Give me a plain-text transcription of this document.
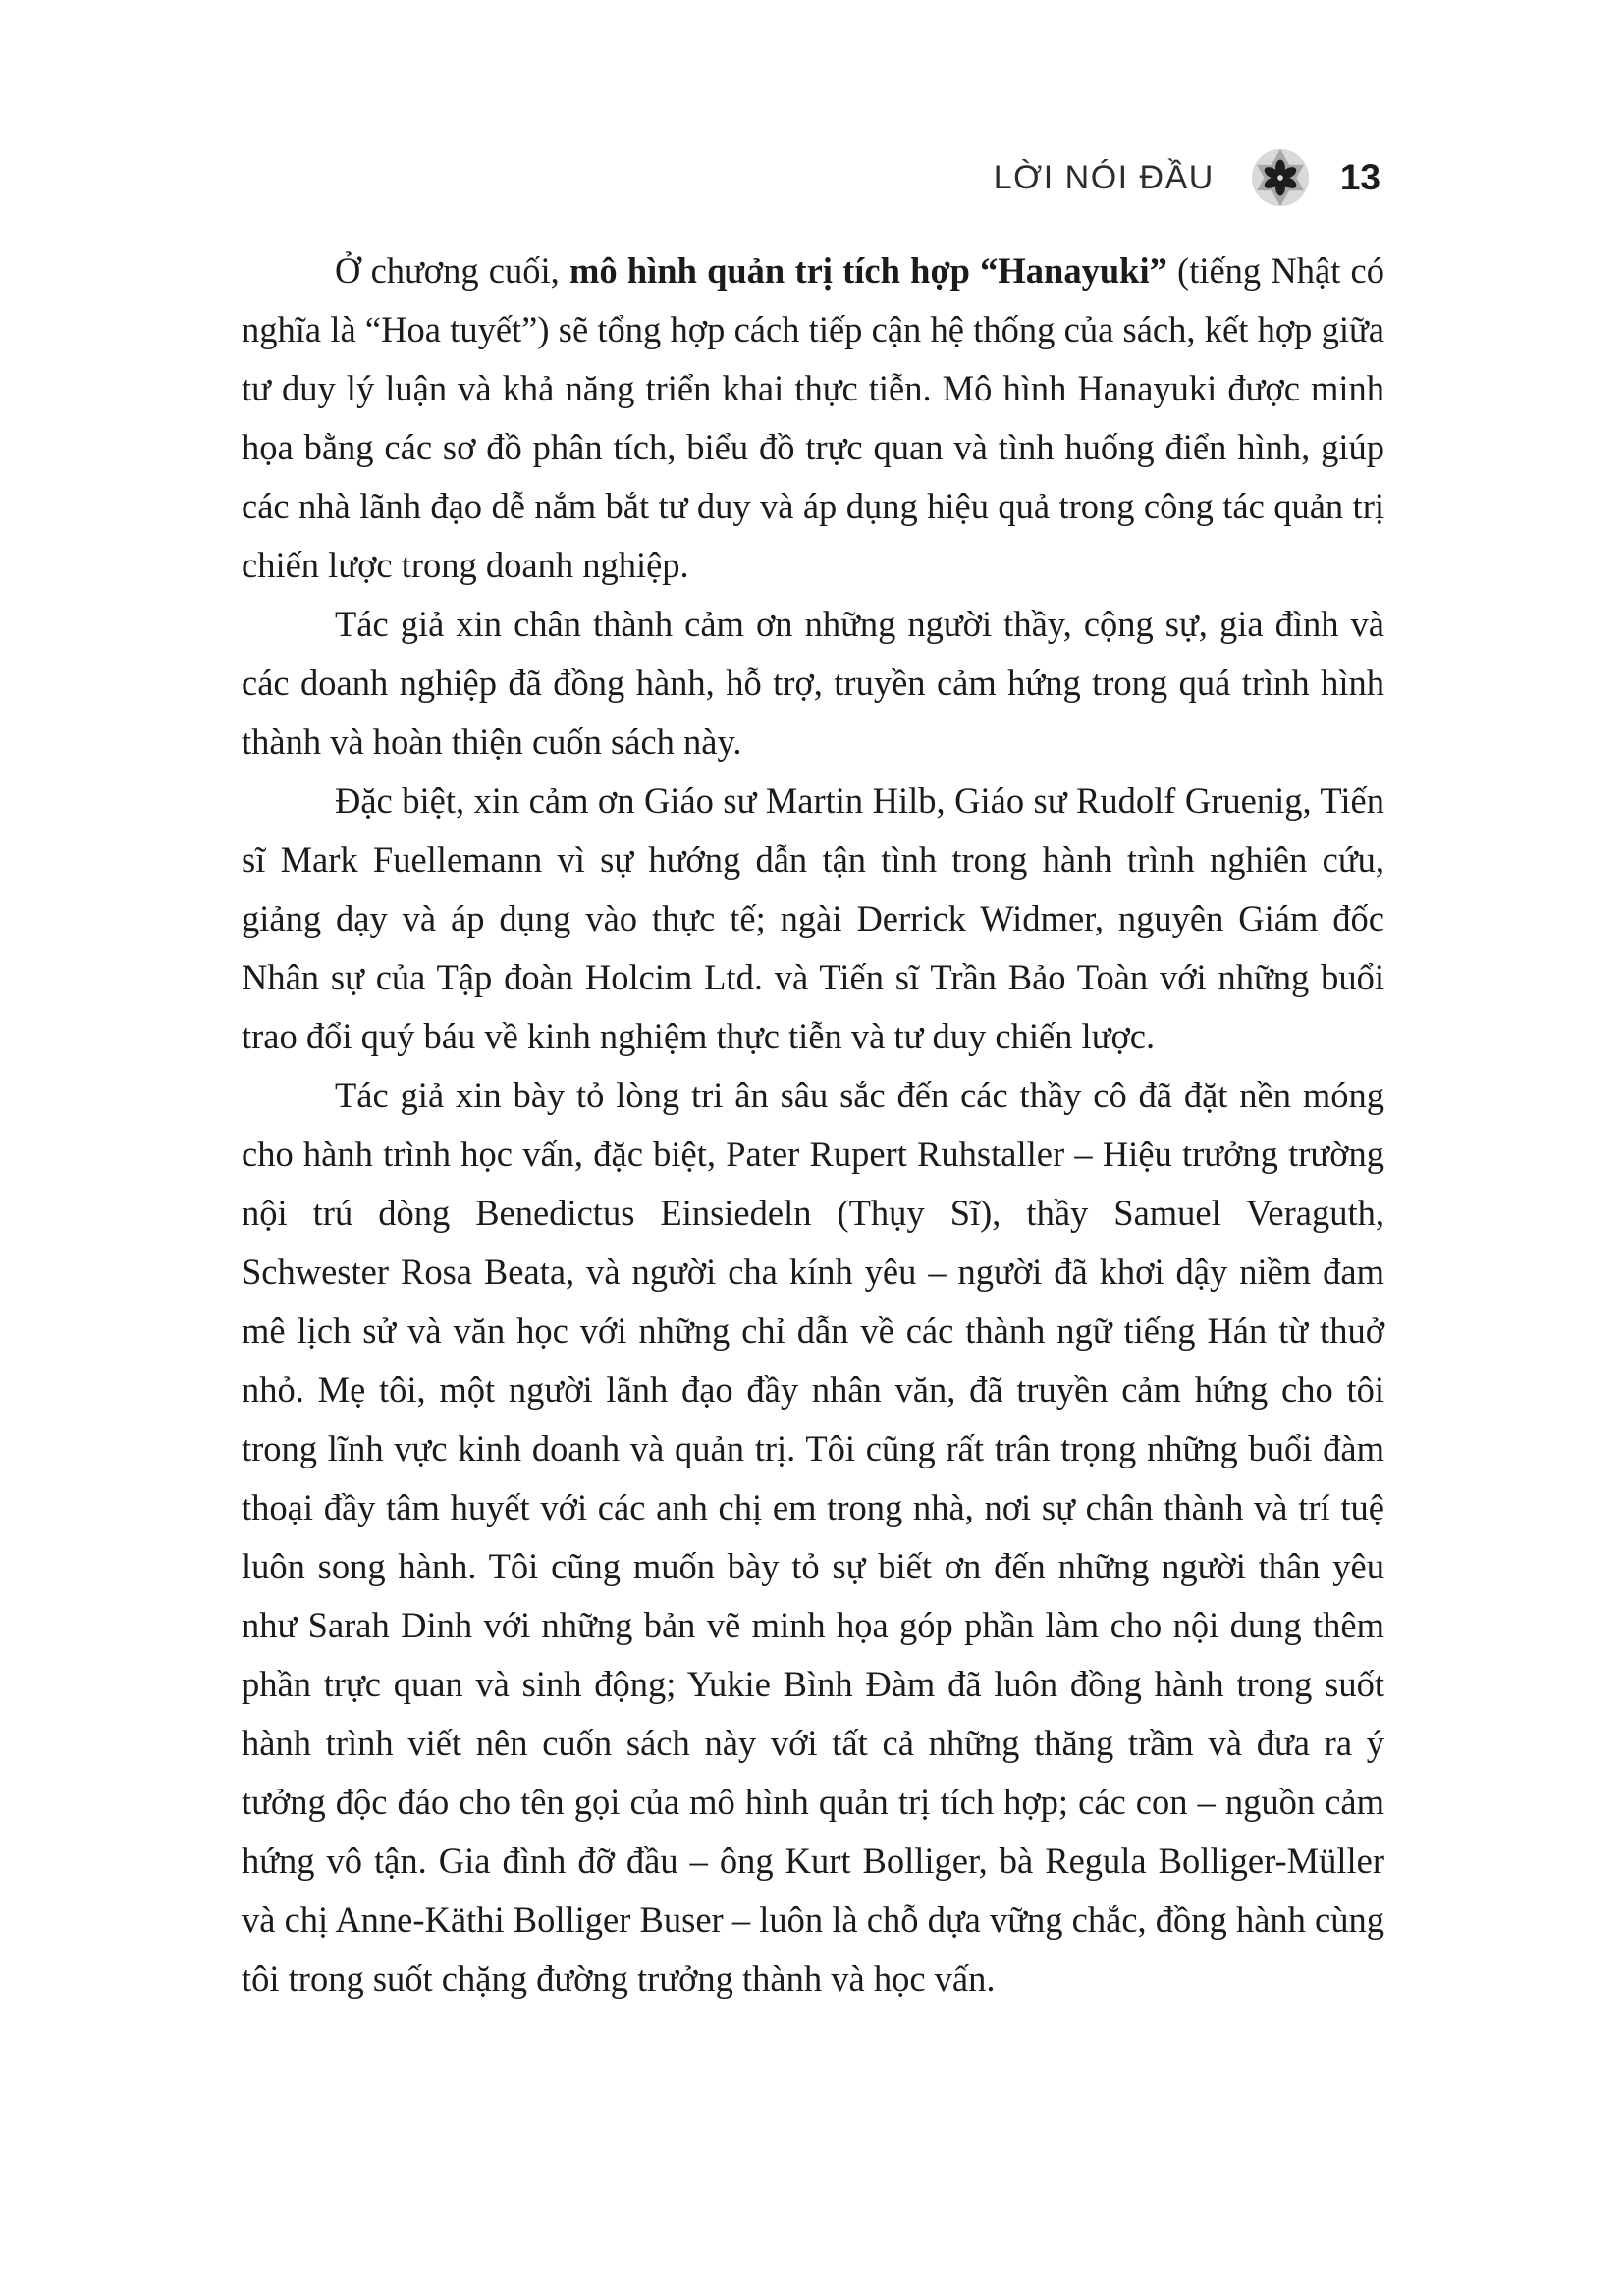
LỜI NÓI ĐẦU	13

Ở chương cuối, mô hình quản trị tích hợp “Hanayuki” (tiếng Nhật có nghĩa là “Hoa tuyết”) sẽ tổng hợp cách tiếp cận hệ thống của sách, kết hợp giữa tư duy lý luận và khả năng triển khai thực tiễn. Mô hình Hanayuki được minh họa bằng các sơ đồ phân tích, biểu đồ trực quan và tình huống điển hình, giúp các nhà lãnh đạo dễ nắm bắt tư duy và áp dụng hiệu quả trong công tác quản trị chiến lược trong doanh nghiệp.

Tác giả xin chân thành cảm ơn những người thầy, cộng sự, gia đình và các doanh nghiệp đã đồng hành, hỗ trợ, truyền cảm hứng trong quá trình hình thành và hoàn thiện cuốn sách này.

Đặc biệt, xin cảm ơn Giáo sư Martin Hilb, Giáo sư Rudolf Gruenig, Tiến sĩ Mark Fuellemann vì sự hướng dẫn tận tình trong hành trình nghiên cứu, giảng dạy và áp dụng vào thực tế; ngài Derrick Widmer, nguyên Giám đốc Nhân sự của Tập đoàn Holcim Ltd. và Tiến sĩ Trần Bảo Toàn với những buổi trao đổi quý báu về kinh nghiệm thực tiễn và tư duy chiến lược.

Tác giả xin bày tỏ lòng tri ân sâu sắc đến các thầy cô đã đặt nền móng cho hành trình học vấn, đặc biệt, Pater Rupert Ruhstaller – Hiệu trưởng trường nội trú dòng Benedictus Einsiedeln (Thụy Sĩ), thầy Samuel Veraguth, Schwester Rosa Beata, và người cha kính yêu – người đã khơi dậy niềm đam mê lịch sử và văn học với những chỉ dẫn về các thành ngữ tiếng Hán từ thuở nhỏ. Mẹ tôi, một người lãnh đạo đầy nhân văn, đã truyền cảm hứng cho tôi trong lĩnh vực kinh doanh và quản trị. Tôi cũng rất trân trọng những buổi đàm thoại đầy tâm huyết với các anh chị em trong nhà, nơi sự chân thành và trí tuệ luôn song hành. Tôi cũng muốn bày tỏ sự biết ơn đến những người thân yêu như Sarah Dinh với những bản vẽ minh họa góp phần làm cho nội dung thêm phần trực quan và sinh động; Yukie Bình Đàm đã luôn đồng hành trong suốt hành trình viết nên cuốn sách này với tất cả những thăng trầm và đưa ra ý tưởng độc đáo cho tên gọi của mô hình quản trị tích hợp; các con – nguồn cảm hứng vô tận. Gia đình đỡ đầu – ông Kurt Bolliger, bà Regula Bolliger-Müller và chị Anne-Käthi Bolliger Buser – luôn là chỗ dựa vững chắc, đồng hành cùng tôi trong suốt chặng đường trưởng thành và học vấn.
